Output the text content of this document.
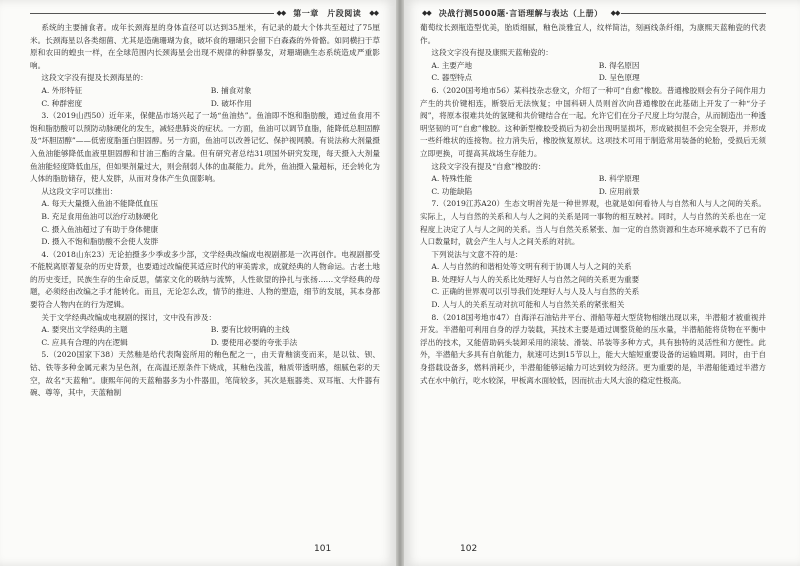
◆◆	第一章　片段阅读	◆◆

系统的主要捕食者。成年长颈海星的身体直径可以达到35厘米，有记录的最大个体共至超过了75厘米。长颈海星以各类细菌、尤其是造礁珊瑚为食，破坏食的珊瑚只会留下白森森的外骨骼。如同横扫于草原和农田的蝗虫一样，在全球范围内长颈海星会出现不规律的种群暴发，对珊瑚礁生态系统造成严重影响。

这段文字没有提及长颈海星的：

A. 外形特征	B. 捕食对象
C. 种群密度	D. 破坏作用

3.（2019山西50）近年来，保健品市场兴起了一场“鱼油热”。鱼油即不饱和脂肪酸，通过鱼食用不饱和脂肪酸可以预防动脉硬化的发生，减轻患肺炎的症状。一方面，鱼油可以调节血脂，能降低总胆固醇及“坏胆固醇”——低密度脂蛋白胆固醇。另一方面，鱼油可以改善记忆、保护视网膜。有说法称大剂量摄入鱼油能够降低血液里胆固醇和甘油三酯的含量。但有研究者总结31项国外研究发现，每天摄入大剂量鱼油能轻度降低血压，但如果剂量过大，则会削弱人体的血凝能力。此外，鱼油摄入量超标，还会转化为人体的脂肪储存，使人发胖，从而对身体产生负面影响。

从这段文字可以推出：

A. 每天大量摄入鱼油不能降低血压
B. 充足食用鱼油可以治疗动脉硬化
C. 摄入鱼油超过了有助于身体健康
D. 摄入不饱和脂肪酸不会使人发胖

4.（2018山东23）无论拍摄多少季或多少部，文学经典改编成电视剧都是一次再创作。电视剧都受不能脱离原著复杂的历史背景，也要通过改编使其适应时代的审美需求，成就经典的人物命运。古老土地的历史变迁，民族生存的生命反思，儒家文化的吸纳与流弊，人性欲望的挣扎与张扬……文学经典的母题，必须经由改编之手才能转化。而且，无论怎么改，情节的推进、人物的塑造，细节的发展，其本身都要符合人物内在的行为逻辑。

关于文学经典改编成电视剧的探讨，文中没有涉及：

A. 要突出文学经典的主题	B. 要有比较明确的主线
C. 应具有合理的内在逻辑	D. 要使用必要的夸张手法

5.（2020国家下38）天然釉是给代表陶瓷所用的釉色配之一，由天青釉演变而来，是以钛、钡、钴、铁等多种金属元素为呈色剂，在高温还原条件下烧成，其釉色浅蓝，釉质带透明感，细腻色彩的天空，故名“天蓝釉”。康熙年间的天蓝釉器多为小件器皿，笔筒较多，其次是瓶器类、双耳瓶、大件器有碗、尊等，其中，天蓝釉制

101
◆◆	决战行测5000题·言语理解与表达（上册）	◆◆

葡萄纹长颈瓶造型优美，胎质细腻，釉色淡雅宜人，纹样简洁，刻画线条纤细，为康熙天蓝釉瓷的代表作。

这段文字没有提及康熙天蓝釉瓷的：

A. 主要产地	B. 得名原因
C. 器型特点	D. 呈色原理

6.（2020国考地市56）某科技杂志登文，介绍了一种可“自愈”橡胶。普通橡胶则会有分子间作用力产生的共价键相连，断裂后无法恢复；中国科研人员则首次向普通橡胶在此基础上开发了一种“分子阀”，将原本很难共处的氢键和共价键结合在一起。允许它们在分子尺度上均匀混合，从而制造出一种透明坚韧的可“自愈”橡胶。这种新型橡胶受损后为初会出现明显损坏，形成破损但不会完全裂开，并形成一些纤维状的连接物。拉力消失后，橡胶恢复原状。这项技术可用于制造常用装备的轮胎，受损后无须立即更换，可提高其战场生存能力。

这段文字没有提及“自愈”橡胶的：

A. 特殊性能	B. 科学原理
C. 功能缺陷	D. 应用前景

7.（2019江苏A20）生态文明首先是一种世界观，也就是如何看待人与自然和人与人之间的关系。实际上，人与自然的关系和人与人之间的关系是同一事物的相互映衬。同时，人与自然的关系也在一定程度上决定了人与人之间的关系。当人与自然关系紧张、加一定的自然资源和生态环境承载不了已有的人口数量时，就会产生人与人之间关系的对抗。

下列说法与文意不符的是：

A. 人与自然的和谐相处等文明有利于协调人与人之间的关系
B. 处理好人与人的关系比处理好人与自然之间的关系更为重要
C. 正确的世界观可以引导我们处理好人与人及人与自然的关系
D. 人与人的关系互动对抗可能和人与自然关系的紧张相关

8.（2018国考地市47）自海洋石油钻井平台、滑船等超大型货物相继出现以来，半潜船才被重视并开发。半潜船可利用自身的浮力装载，其技术主要是通过调整货舱的压水量，半潜船能将货物在平衡中浮出的技术，又能借助码头装卸采用的滚装、滑装、吊装等多种方式，具有独特的灵活性和方便性。此外，半潜船大多具有自航能力，航速可达到15节以上，能大大缩短重要设备的运输周期。同时，由于自身搭载设备多，燃料消耗少，半潜船能够运输力可达到较为经济。更为重要的是，半潜船能通过半潜方式在水中航行，吃水较深，甲板离水面较低，因而抗击大风大浪的稳定性极高。

102
